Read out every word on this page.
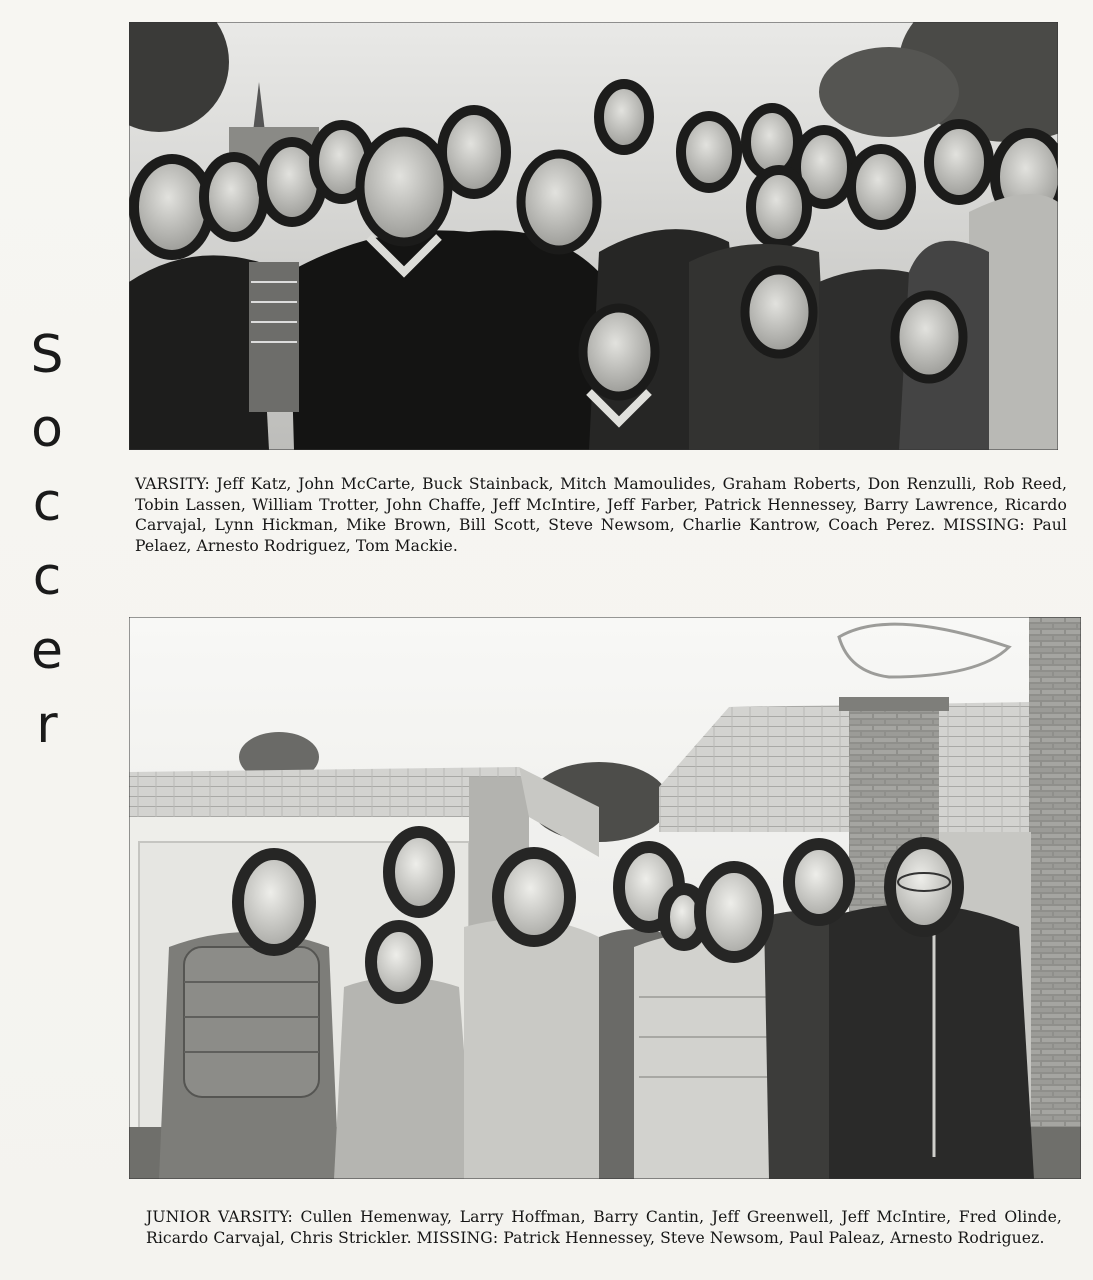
S
o
c
c
e
r
VARSITY: Jeff Katz, John McCarte, Buck Stainback, Mitch Mamoulides, Graham Roberts, Don Renzulli, Rob Reed, Tobin Lassen, William Trotter, John Chaffe, Jeff McIntire, Jeff Farber, Patrick Hennessey, Barry Lawrence, Ricardo Carvajal, Lynn Hickman, Mike Brown, Bill Scott, Steve Newsom, Charlie Kantrow, Coach Perez. MISSING: Paul Pelaez, Arnesto Rodriguez, Tom Mackie.
JUNIOR VARSITY: Cullen Hemenway, Larry Hoffman, Barry Cantin, Jeff Greenwell, Jeff McIntire, Fred Olinde, Ricardo Carvajal, Chris Strickler. MISSING: Patrick Hennessey, Steve Newsom, Paul Paleaz, Arnesto Rodriguez.
